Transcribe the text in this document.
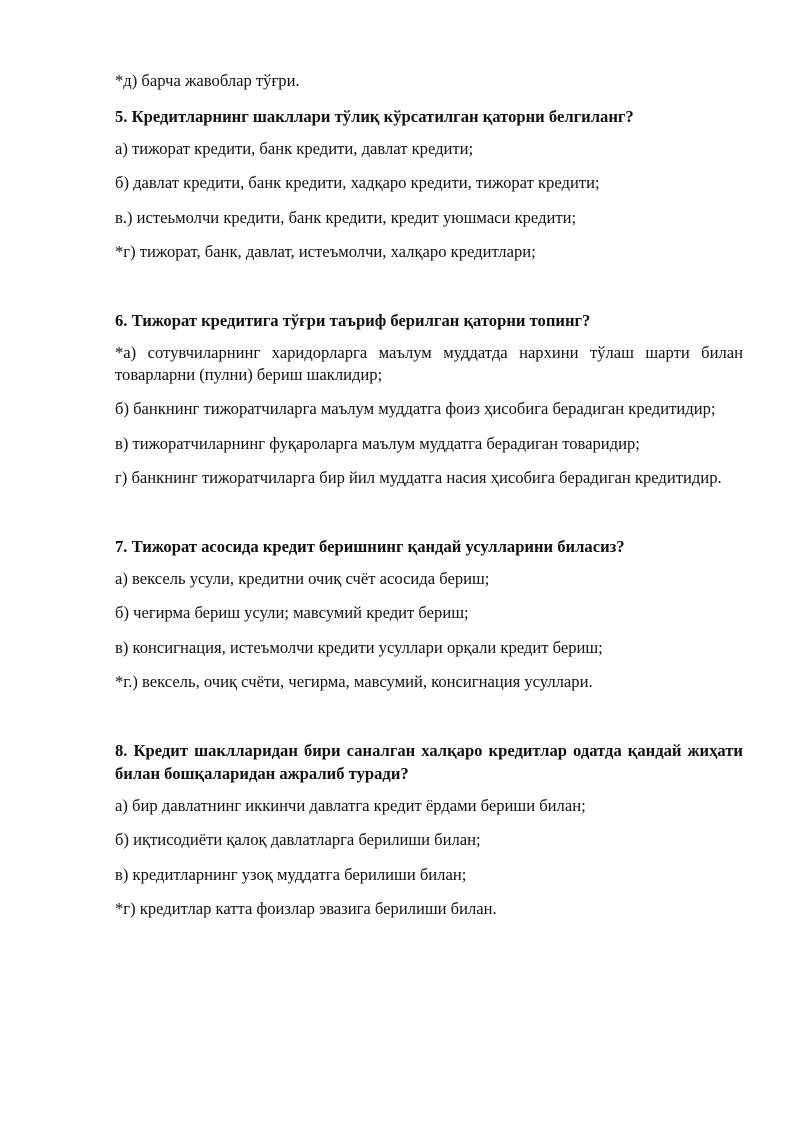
*д) барча жавоблар тўғри.

5. Кредитларнинг шакллари тўлиқ кўрсатилган қаторни белгиланг?

а) тижорат кредити, банк кредити, давлат кредити;

б) давлат кредити, банк кредити, хадқаро кредити, тижорат кредити;

в.) истеьмолчи кредити, банк кредити, кредит уюшмаси кредити;

*г) тижорат, банк, давлат, истеъмолчи, халқаро кредитлари;

6. Тижорат кредитига тўғри таъриф берилган қаторни топинг?

*а) сотувчиларнинг харидорларга маълум муддатда нархини тўлаш шарти билан товарларни (пулни) бериш шаклидир;

б) банкнинг тижоратчиларга маълум муддатга фоиз ҳисобига берадиган кредитидир;

в) тижоратчиларнинг фуқароларга маълум муддатга берадиган товаридир;

г) банкнинг тижоратчиларга бир йил муддатга насия ҳисобига берадиган кредитидир.

7. Тижорат асосида кредит беришнинг қандай усулларини биласиз?

а) вексель усули, кредитни очиқ счёт асосида бериш;

б) чегирма бериш усули; мавсумий кредит бериш;

в) консигнация, истеъмолчи кредити усуллари орқали кредит бериш;

*г.) вексель, очиқ счёти, чегирма, мавсумий, консигнация усуллари.

8. Кредит шаклларидан бири саналган халқаро кредитлар одатда қандай жиҳати билан бошқаларидан ажралиб туради?

а) бир давлатнинг иккинчи давлатга кредит ёрдами бериши билан;

б) иқтисодиёти қалоқ давлатларга берилиши билан;

в) кредитларнинг узоқ муддатга берилиши билан;

*г) кредитлар катта фоизлар эвазига берилиши билан.
